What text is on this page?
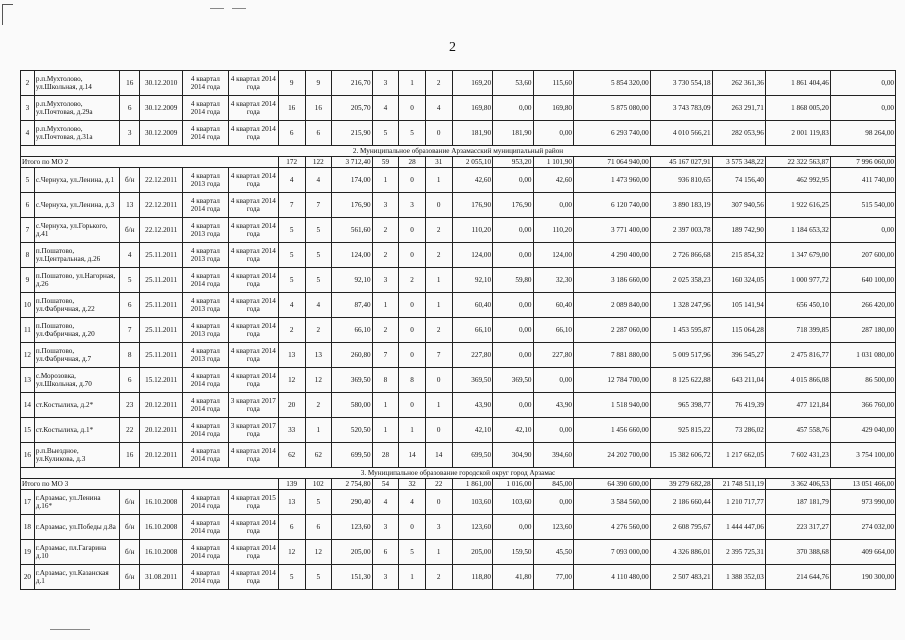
2
2	р.п.Мухтолово, ул.Школьная, д.14	16	30.12.2010	4 квартал 2014 года	4 квартал 2014 года	9	9	216,70	3	1	2	169,20	53,60	115,60	5 854 320,00	3 730 554,18	262 361,36	1 861 404,46	0,00
3	р.п.Мухтолово, ул.Почтовая, д.29а	6	30.12.2009	4 квартал 2014 года	4 квартал 2014 года	16	16	205,70	4	0	4	169,80	0,00	169,80	5 875 080,00	3 743 783,09	263 291,71	1 868 005,20	0,00
4	р.п.Мухтолово, ул.Почтовая, д.31а	3	30.12.2009	4 квартал 2014 года	4 квартал 2014 года	6	6	215,90	5	5	0	181,90	181,90	0,00	6 293 740,00	4 010 566,21	282 053,96	2 001 119,83	98 264,00
2. Муниципальное образование Арзамасский муниципальный район																			
Итого по МО 2						172	122	3 712,40	59	28	31	2 055,10	953,20	1 101,90	71 064 940,00	45 167 027,91	3 575 348,22	22 322 563,87	7 996 060,00
5	с.Чернуха, ул.Ленина, д.1	б/н	22.12.2011	4 квартал 2013 года	4 квартал 2014 года	4	4	174,00	1	0	1	42,60	0,00	42,60	1 473 960,00	936 810,65	74 156,40	462 992,95	411 740,00
6	с.Чернуха, ул.Ленина, д.3	13	22.12.2011	4 квартал 2014 года	4 квартал 2014 года	7	7	176,90	3	3	0	176,90	176,90	0,00	6 120 740,00	3 890 183,19	307 940,56	1 922 616,25	515 540,00
7	с.Чернуха, ул.Горького, д.41	б/н	22.12.2011	4 квартал 2013 года	4 квартал 2014 года	5	5	561,60	2	0	2	110,20	0,00	110,20	3 771 400,00	2 397 003,78	189 742,90	1 184 653,32	0,00
8	п.Пошатово, ул.Центральная, д.26	4	25.11.2011	4 квартал 2013 года	4 квартал 2014 года	5	5	124,00	2	0	2	124,00	0,00	124,00	4 290 400,00	2 726 866,68	215 854,32	1 347 679,00	207 600,00
9	п.Пошатово, ул.Нагорная, д.26	5	25.11.2011	4 квартал 2014 года	4 квартал 2014 года	5	5	92,10	3	2	1	92,10	59,80	32,30	3 186 660,00	2 025 358,23	160 324,05	1 000 977,72	640 100,00
10	п.Пошатово, ул.Фабричная, д.22	6	25.11.2011	4 квартал 2013 года	4 квартал 2014 года	4	4	87,40	1	0	1	60,40	0,00	60,40	2 089 840,00	1 328 247,96	105 141,94	656 450,10	266 420,00
11	п.Пошатово, ул.Фабричная, д.20	7	25.11.2011	4 квартал 2013 года	4 квартал 2014 года	2	2	66,10	2	0	2	66,10	0,00	66,10	2 287 060,00	1 453 595,87	115 064,28	718 399,85	287 180,00
12	п.Пошатово, ул.Фабричная, д.7	8	25.11.2011	4 квартал 2013 года	4 квартал 2014 года	13	13	260,80	7	0	7	227,80	0,00	227,80	7 881 880,00	5 009 517,96	396 545,27	2 475 816,77	1 031 080,00
13	с.Морозовка, ул.Школьная, д.70	6	15.12.2011	4 квартал 2014 года	4 квартал 2014 года	12	12	369,50	8	8	0	369,50	369,50	0,00	12 784 700,00	8 125 622,88	643 211,04	4 015 866,08	86 500,00
14	ст.Костылиха, д.2*	23	20.12.2011	4 квартал 2014 года	3 квартал 2017 года	20	2	580,00	1	0	1	43,90	0,00	43,90	1 518 940,00	965 398,77	76 419,39	477 121,84	366 760,00
15	ст.Костылиха, д.1*	22	20.12.2011	4 квартал 2014 года	3 квартал 2017 года	33	1	520,50	1	1	0	42,10	42,10	0,00	1 456 660,00	925 815,22	73 286,02	457 558,76	429 040,00
16	р.п.Выездное, ул.Куликова, д.3	16	20.12.2011	4 квартал 2014 года	4 квартал 2014 года	62	62	699,50	28	14	14	699,50	304,90	394,60	24 202 700,00	15 382 606,72	1 217 662,05	7 602 431,23	3 754 100,00
3. Муниципальное образование городской округ город Арзамас																			
Итого по МО 3						139	102	2 754,80	54	32	22	1 861,00	1 016,00	845,00	64 390 600,00	39 279 682,28	21 748 511,19	3 362 406,53	13 051 466,00
17	г.Арзамас, ул.Ленина д.16*	б/н	16.10.2008	4 квартал 2014 года	4 квартал 2015 года	13	5	290,40	4	4	0	103,60	103,60	0,00	3 584 560,00	2 186 660,44	1 210 717,77	187 181,79	973 990,00
18	г.Арзамас, ул.Победы д.8а	б/н	16.10.2008	4 квартал 2014 года	4 квартал 2014 года	6	6	123,60	3	0	3	123,60	0,00	123,60	4 276 560,00	2 608 795,67	1 444 447,06	223 317,27	274 032,00
19	г.Арзамас, пл.Гагарина д.10	б/н	16.10.2008	4 квартал 2014 года	4 квартал 2014 года	12	12	205,00	6	5	1	205,00	159,50	45,50	7 093 000,00	4 326 886,01	2 395 725,31	370 388,68	409 664,00
20	г.Арзамас, ул.Казанская д.1	б/н	31.08.2011	4 квартал 2014 года	4 квартал 2014 года	5	5	151,30	3	1	2	118,80	41,80	77,00	4 110 480,00	2 507 483,21	1 388 352,03	214 644,76	190 300,00
